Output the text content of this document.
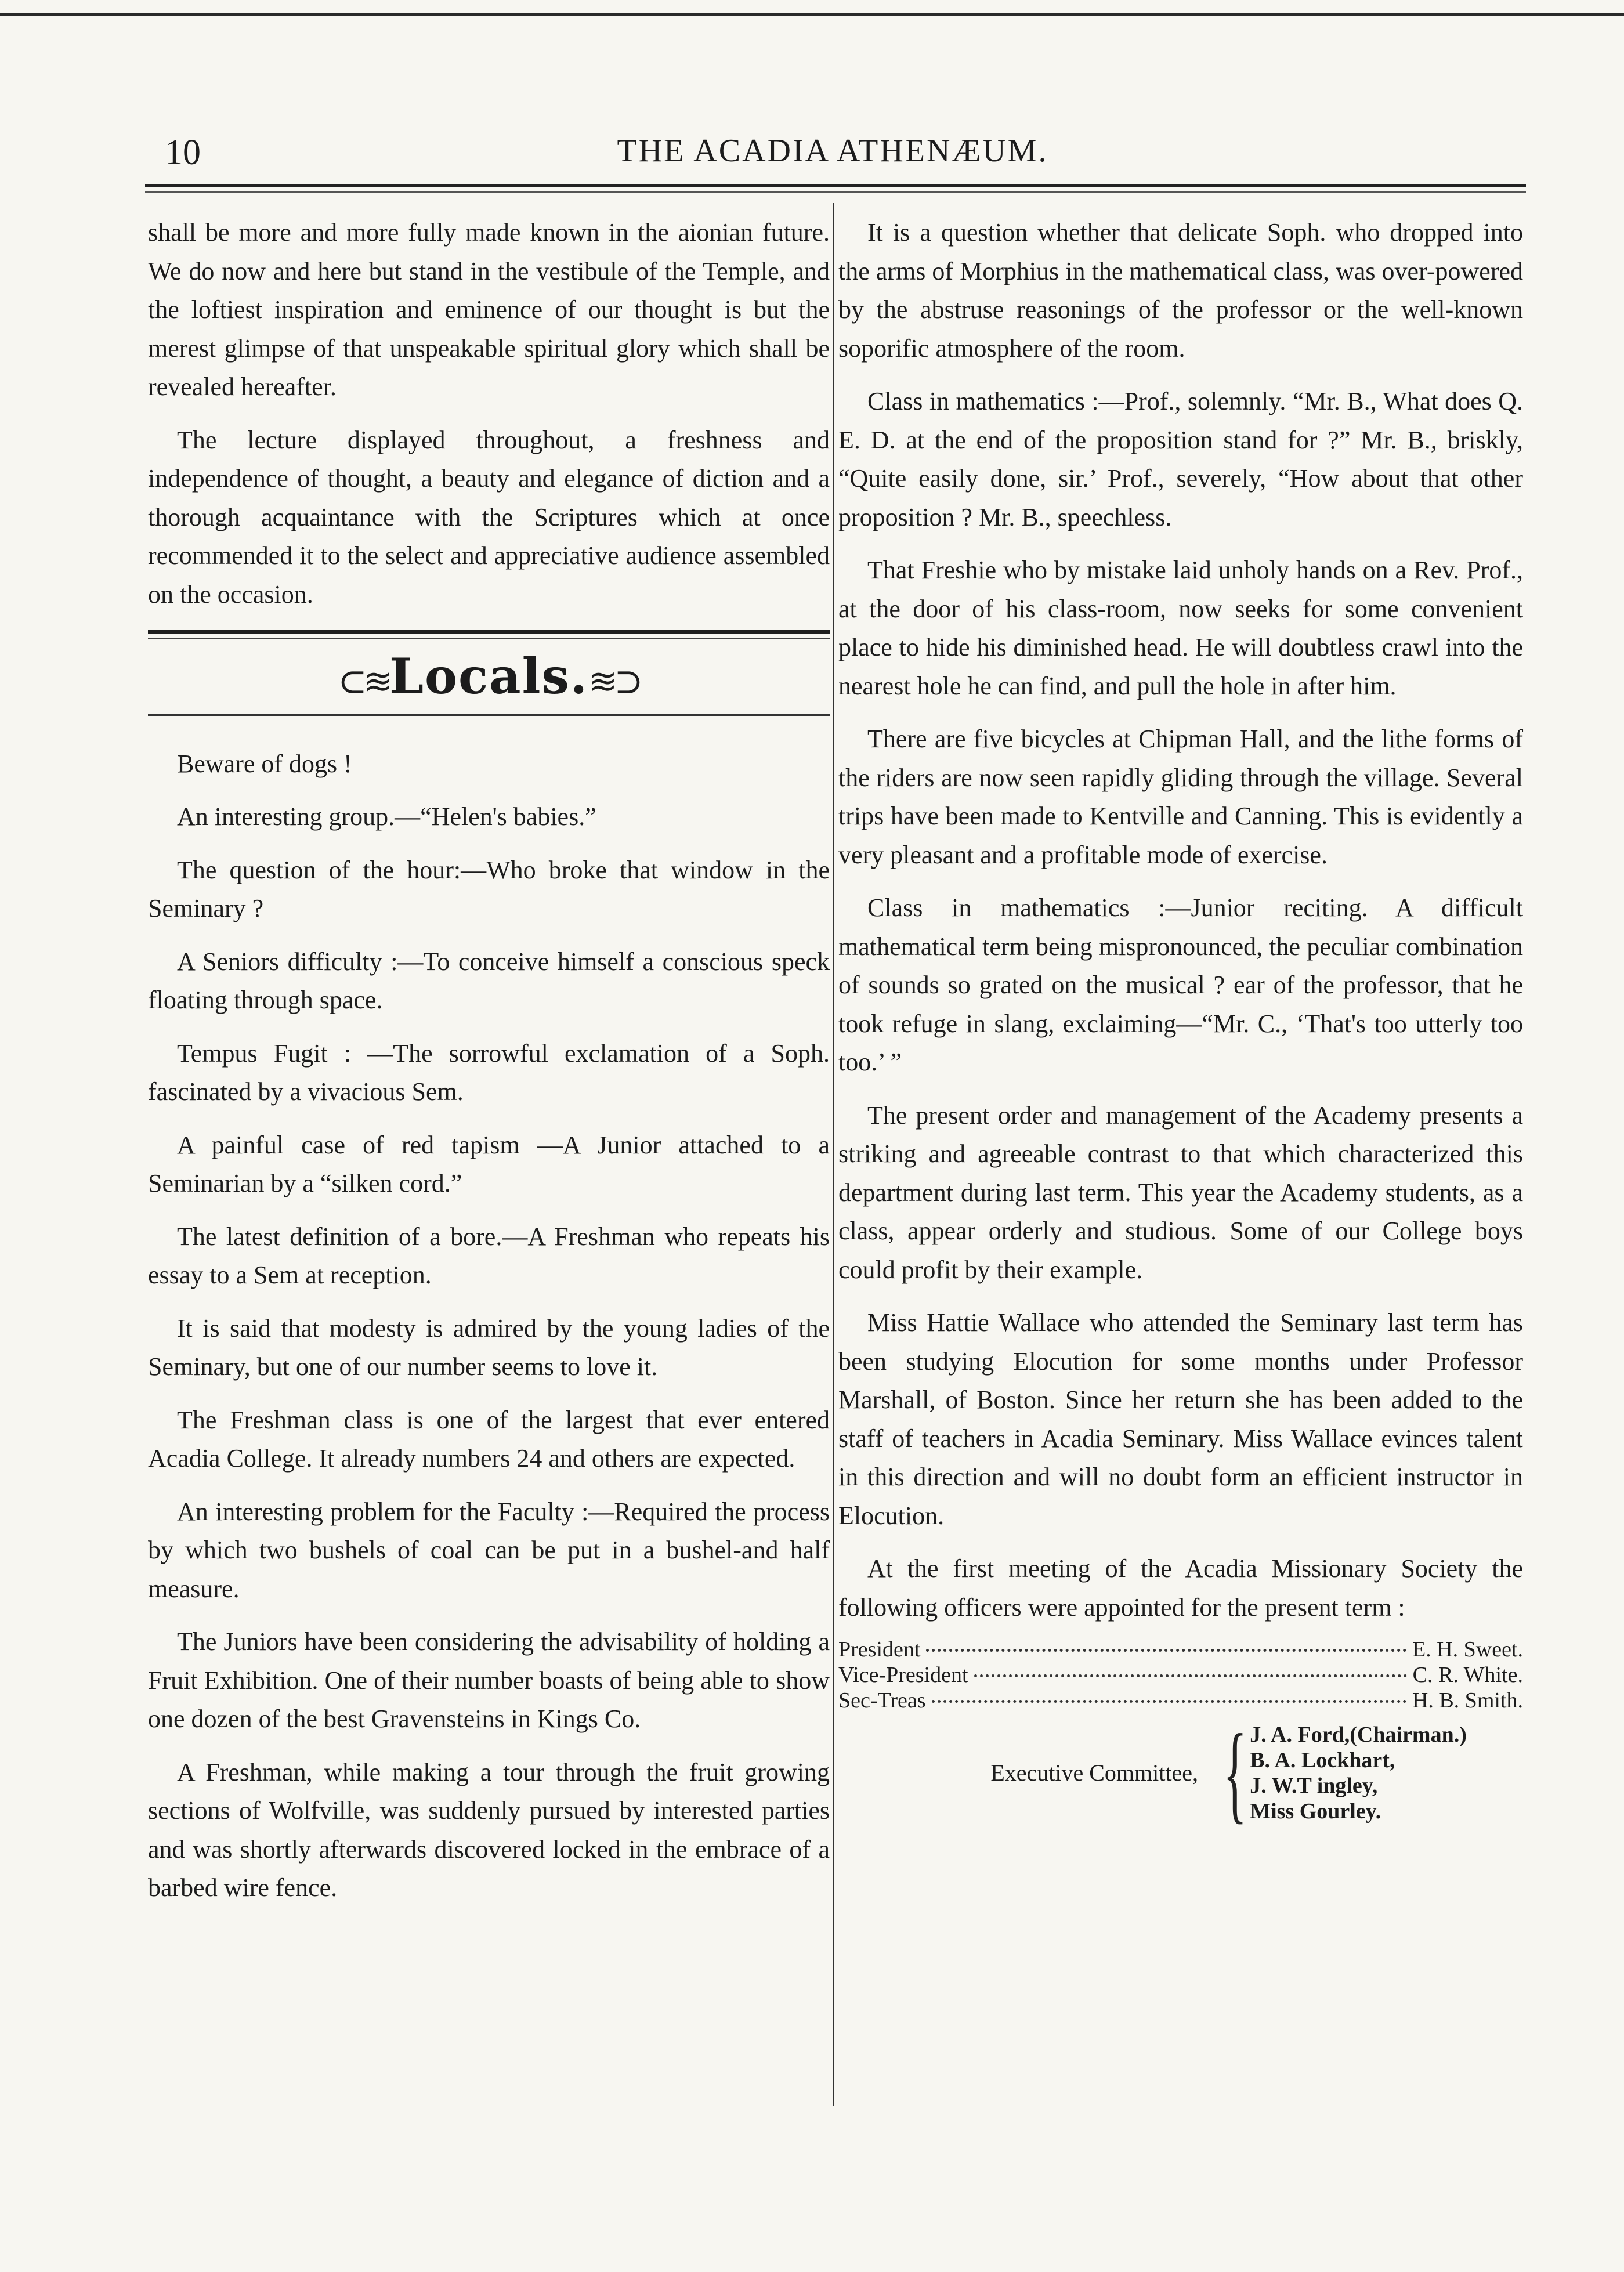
10	THE ACADIA ATHENÆUM.

shall be more and more fully made known in the aionian future. We do now and here but stand in the vestibule of the Temple, and the loftiest inspiration and eminence of our thought is but the merest glimpse of that unspeakable spiritual glory which shall be revealed hereafter.

The lecture displayed throughout, a freshness and independence of thought, a beauty and elegance of diction and a thorough acquaintance with the Scriptures which at once recommended it to the select and appreciative audience assembled on the occasion.

⊂≋Locals.≋⊃

Beware of dogs !

An interesting group.—“Helen's babies.”

The question of the hour:—Who broke that window in the Seminary ?

A Seniors difficulty :—To conceive himself a conscious speck floating through space.

Tempus Fugit : —The sorrowful exclamation of a Soph. fascinated by a vivacious Sem.

A painful case of red tapism —A Junior attached to a Seminarian by a “silken cord.”

The latest definition of a bore.—A Freshman who repeats his essay to a Sem at reception.

It is said that modesty is admired by the young ladies of the Seminary, but one of our number seems to love it.

The Freshman class is one of the largest that ever entered Acadia College. It already numbers 24 and others are expected.

An interesting problem for the Faculty :—Required the process by which two bushels of coal can be put in a bushel-and half measure.

The Juniors have been considering the advisability of holding a Fruit Exhibition. One of their number boasts of being able to show one dozen of the best Gravensteins in Kings Co.

A Freshman, while making a tour through the fruit growing sections of Wolfville, was suddenly pursued by interested parties and was shortly afterwards discovered locked in the embrace of a barbed wire fence.

It is a question whether that delicate Soph. who dropped into the arms of Morphius in the mathematical class, was over-powered by the abstruse reasonings of the professor or the well-known soporific atmosphere of the room.

Class in mathematics :—Prof., solemnly. “Mr. B., What does Q. E. D. at the end of the proposition stand for ?” Mr. B., briskly, “Quite easily done, sir.’ Prof., severely, “How about that other proposition ? Mr. B., speechless.

That Freshie who by mistake laid unholy hands on a Rev. Prof., at the door of his class-room, now seeks for some convenient place to hide his diminished head. He will doubtless crawl into the nearest hole he can find, and pull the hole in after him.

There are five bicycles at Chipman Hall, and the lithe forms of the riders are now seen rapidly gliding through the village. Several trips have been made to Kentville and Canning. This is evidently a very pleasant and a profitable mode of exercise.

Class in mathematics :—Junior reciting. A difficult mathematical term being mispronounced, the peculiar combination of sounds so grated on the musical ? ear of the professor, that he took refuge in slang, exclaiming—“Mr. C., ‘That's too utterly too too.’ ”

The present order and management of the Academy presents a striking and agreeable contrast to that which characterized this department during last term. This year the Academy students, as a class, appear orderly and studious. Some of our College boys could profit by their example.

Miss Hattie Wallace who attended the Seminary last term has been studying Elocution for some months under Professor Marshall, of Boston. Since her return she has been added to the staff of teachers in Acadia Seminary. Miss Wallace evinces talent in this direction and will no doubt form an efficient instructor in Elocution.

At the first meeting of the Acadia Missionary Society the following officers were appointed for the present term :

President	E. H. Sweet.
Vice-President	C. R. White.
Sec-Treas	H. B. Smith.
Executive Committee, { J. A. Ford,(Chairman.)
B. A. Lockhart,
J. W.T ingley,
Miss Gourley.
